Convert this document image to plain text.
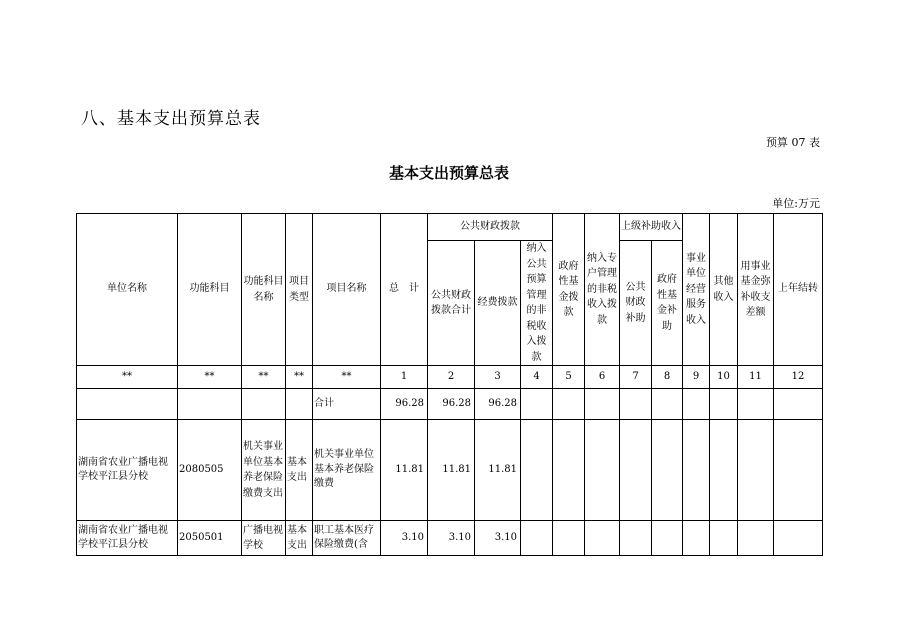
八、基本支出预算总表
预算 07 表
基本支出预算总表
单位:万元
单位名称	功能科目	功能科目名称	项目类型	项目名称	总　计	公共财政拨款			政府性基金拨款	纳入专户管理的非税收入拨款	上级补助收入		事业单位经营服务收入	其他收入	用事业基金弥补收支差额	上年结转
						公共财政拨款合计	经费拨款	纳入公共预算管理的非税收入拨款			公共财政补助	政府性基金补助				
**	**	**	**	**	1	2	3	4	5	6	7	8	9	10	11	12
				合计	96.28	96.28	96.28									
湖南省农业广播电视学校平江县分校	2080505	机关事业单位基本养老保险缴费支出	基本支出	机关事业单位基本养老保险缴费	11.81	11.81	11.81									
湖南省农业广播电视学校平江县分校	2050501	广播电视学校	基本支出	职工基本医疗保险缴费(含	3.10	3.10	3.10									
